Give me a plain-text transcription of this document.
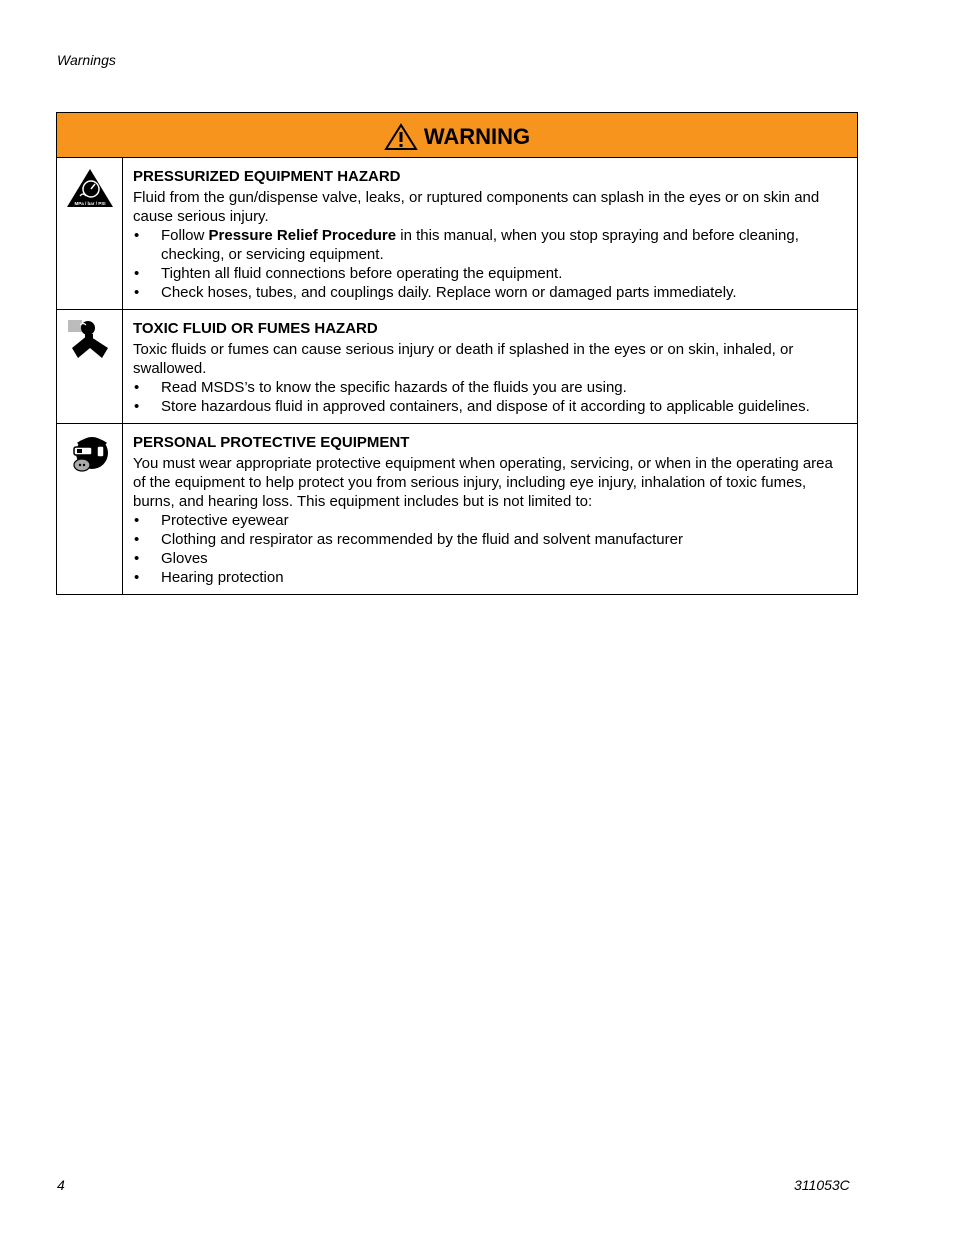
Warnings
WARNING
MPa / bar / PSI
PRESSURIZED EQUIPMENT HAZARD
Fluid from the gun/dispense valve, leaks, or ruptured components can splash in the eyes or on skin and cause serious injury.
• Follow Pressure Relief Procedure in this manual, when you stop spraying and before cleaning, checking, or servicing equipment.
• Tighten all fluid connections before operating the equipment.
• Check hoses, tubes, and couplings daily. Replace worn or damaged parts immediately.
TOXIC FLUID OR FUMES HAZARD
Toxic fluids or fumes can cause serious injury or death if splashed in the eyes or on skin, inhaled, or swallowed.
• Read MSDS’s to know the specific hazards of the fluids you are using.
• Store hazardous fluid in approved containers, and dispose of it according to applicable guidelines.
PERSONAL PROTECTIVE EQUIPMENT
You must wear appropriate protective equipment when operating, servicing, or when in the operating area of the equipment to help protect you from serious injury, including eye injury, inhalation of toxic fumes, burns, and hearing loss. This equipment includes but is not limited to:
• Protective eyewear
• Clothing and respirator as recommended by the fluid and solvent manufacturer
• Gloves
• Hearing protection
4	311053C
